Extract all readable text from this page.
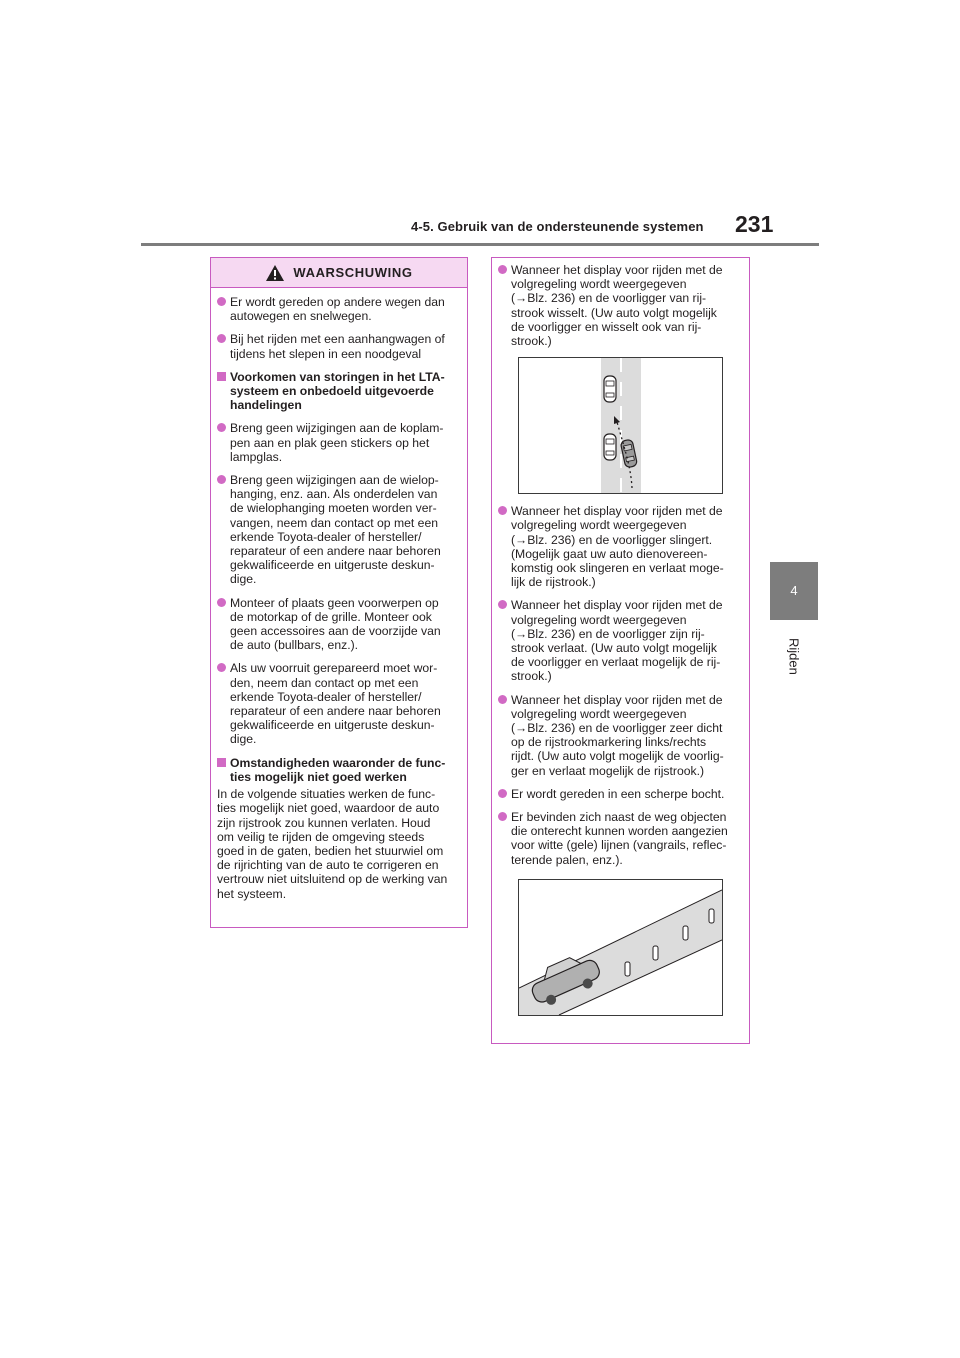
4-5. Gebruik van de ondersteunende systemen 231
4
Rijden
WAARSCHUWING
Er wordt gereden op andere wegen dan
autowegen en snelwegen.
Bij het rijden met een aanhangwagen of
tijdens het slepen in een noodgeval
Voorkomen van storingen in het LTA-
systeem en onbedoeld uitgevoerde
handelingen
Breng geen wijzigingen aan de koplam-
pen aan en plak geen stickers op het
lampglas.
Breng geen wijzigingen aan de wielop-
hanging, enz. aan. Als onderdelen van
de wielophanging moeten worden ver-
vangen, neem dan contact op met een
erkende Toyota-dealer of hersteller/
reparateur of een andere naar behoren
gekwalificeerde en uitgeruste deskun-
dige.
Monteer of plaats geen voorwerpen op
de motorkap of de grille. Monteer ook
geen accessoires aan de voorzijde van
de auto (bullbars, enz.).
Als uw voorruit gerepareerd moet wor-
den, neem dan contact op met een
erkende Toyota-dealer of hersteller/
reparateur of een andere naar behoren
gekwalificeerde en uitgeruste deskun-
dige.
Omstandigheden waaronder de func-
ties mogelijk niet goed werken
In de volgende situaties werken de func-
ties mogelijk niet goed, waardoor de auto
zijn rijstrook zou kunnen verlaten. Houd
om veilig te rijden de omgeving steeds
goed in de gaten, bedien het stuurwiel om
de rijrichting van de auto te corrigeren en
vertrouw niet uitsluitend op de werking van
het systeem.
Wanneer het display voor rijden met de
volgregeling wordt weergegeven
(→Blz. 236) en de voorligger van rij-
strook wisselt. (Uw auto volgt mogelijk
de voorligger en wisselt ook van rij-
strook.)
Wanneer het display voor rijden met de
volgregeling wordt weergegeven
(→Blz. 236) en de voorligger slingert.
(Mogelijk gaat uw auto dienovereen-
komstig ook slingeren en verlaat moge-
lijk de rijstrook.)
Wanneer het display voor rijden met de
volgregeling wordt weergegeven
(→Blz. 236) en de voorligger zijn rij-
strook verlaat. (Uw auto volgt mogelijk
de voorligger en verlaat mogelijk de rij-
strook.)
Wanneer het display voor rijden met de
volgregeling wordt weergegeven
(→Blz. 236) en de voorligger zeer dicht
op de rijstrookmarkering links/rechts
rijdt. (Uw auto volgt mogelijk de voorlig-
ger en verlaat mogelijk de rijstrook.)
Er wordt gereden in een scherpe bocht.
Er bevinden zich naast de weg objecten
die onterecht kunnen worden aangezien
voor witte (gele) lijnen (vangrails, reflec-
terende palen, enz.).
